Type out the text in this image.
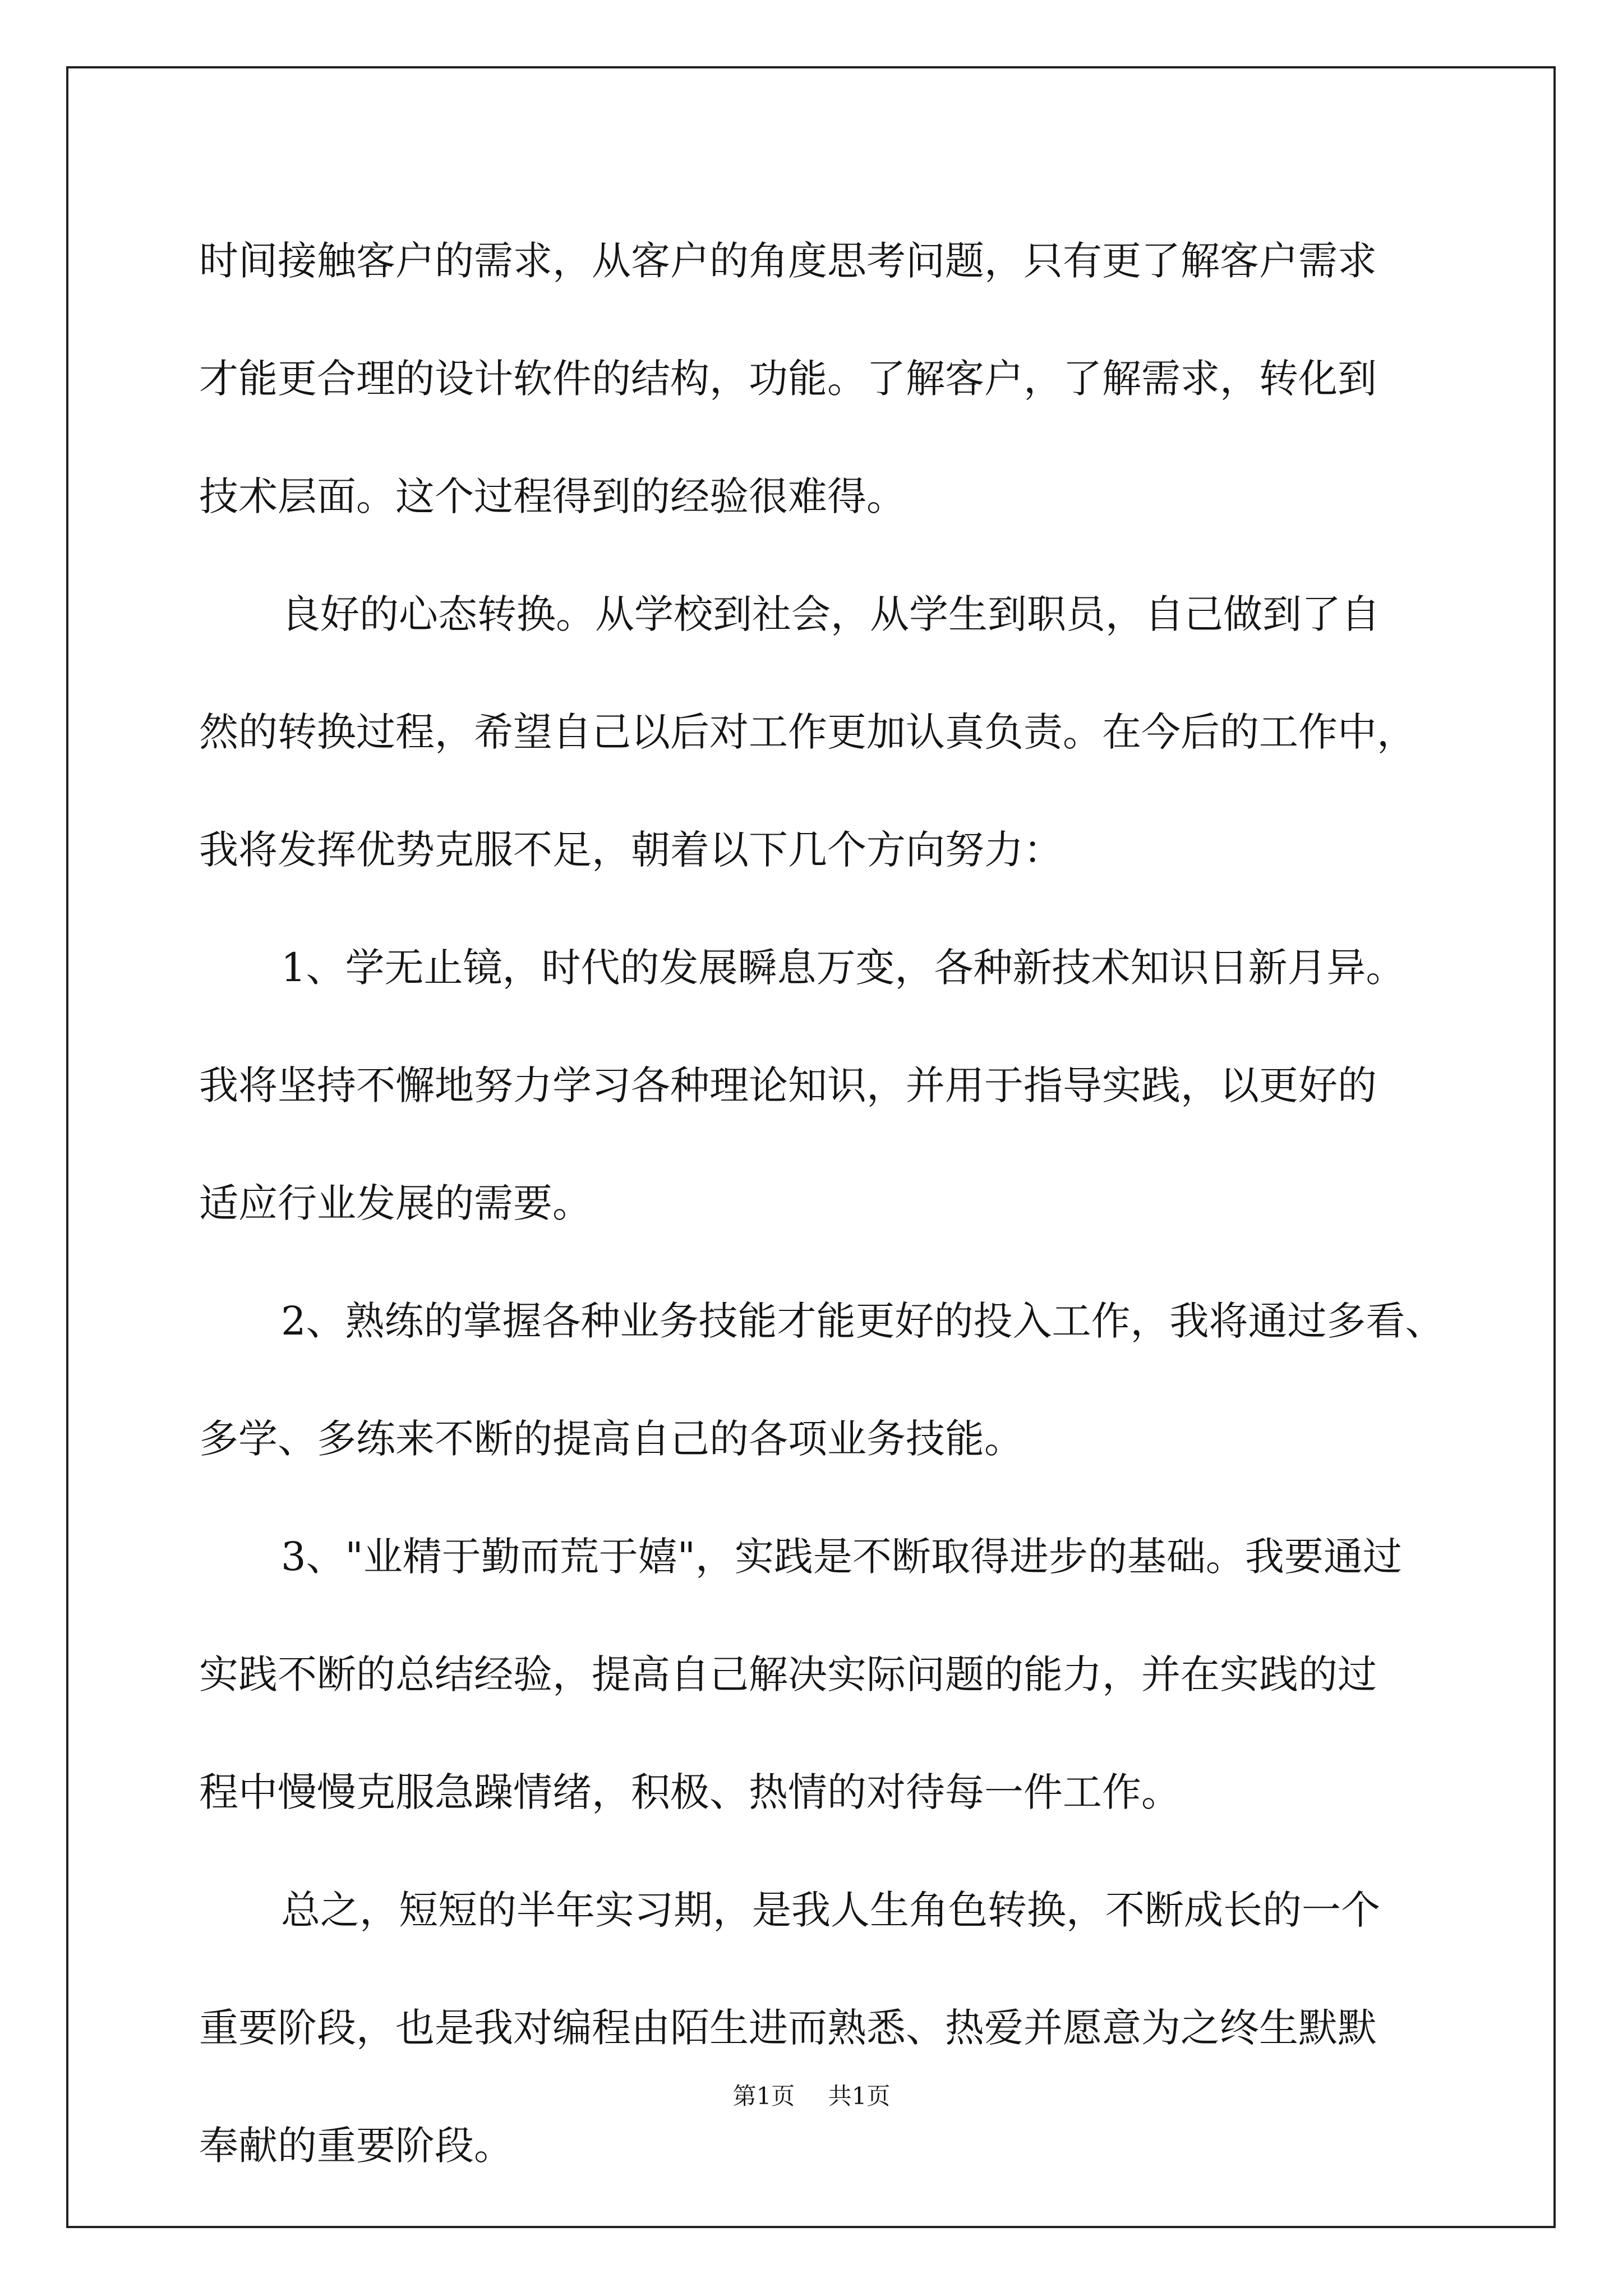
时间接触客户的需求，从客户的角度思考问题，只有更了解客户需求
才能更合理的设计软件的结构，功能。了解客户，了解需求，转化到
技术层面。这个过程得到的经验很难得。
良好的心态转换。从学校到社会，从学生到职员，自己做到了自
然的转换过程，希望自己以后对工作更加认真负责。在今后的工作中，
我将发挥优势克服不足，朝着以下几个方向努力：
1、学无止镜，时代的发展瞬息万变，各种新技术知识日新月异。
我将坚持不懈地努力学习各种理论知识，并用于指导实践，以更好的
适应行业发展的需要。
2、熟练的掌握各种业务技能才能更好的投入工作，我将通过多看、
多学、多练来不断的提高自己的各项业务技能。
3、"业精于勤而荒于嬉"，实践是不断取得进步的基础。我要通过
实践不断的总结经验，提高自己解决实际问题的能力，并在实践的过
程中慢慢克服急躁情绪，积极、热情的对待每一件工作。
总之，短短的半年实习期，是我人生角色转换，不断成长的一个
重要阶段，也是我对编程由陌生进而熟悉、热爱并愿意为之终生默默
奉献的重要阶段。
第1页 共1页
